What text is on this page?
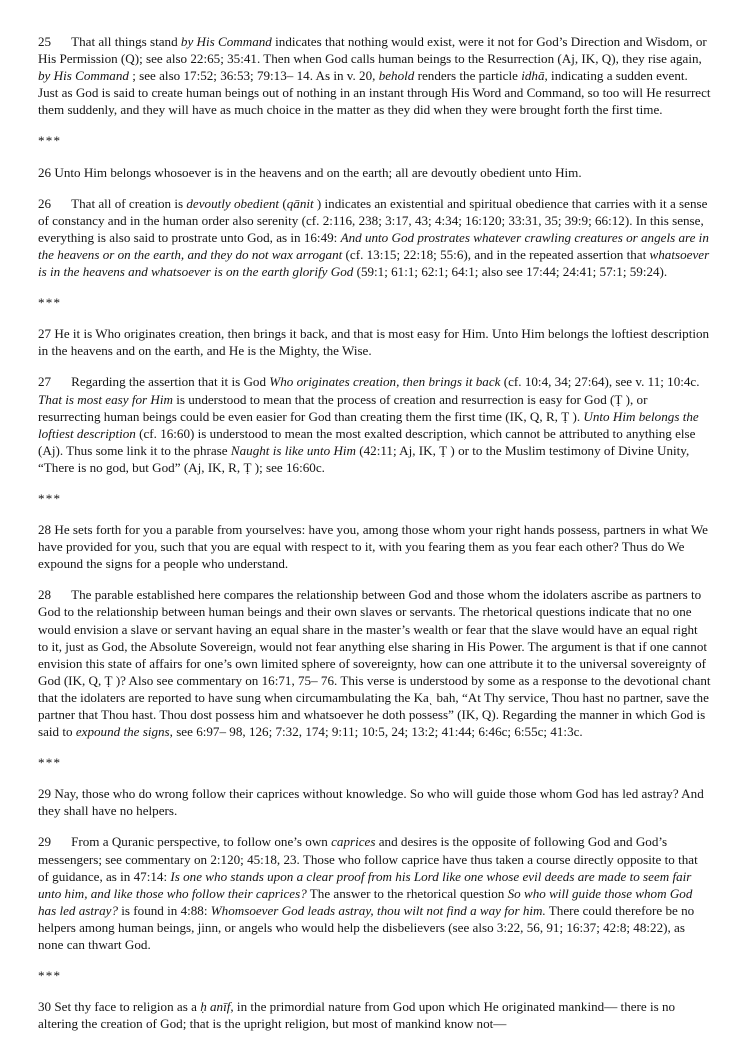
25 That all things stand by His Command indicates that nothing would exist, were it not for God’s Direction and Wisdom, or His Permission (Q); see also 22:65; 35:41. Then when God calls human beings to the Resurrection (Aj, IK, Q), they rise again, by His Command ; see also 17:52; 36:53; 79:13– 14. As in v. 20, behold renders the particle idhā, indicating a sudden event. Just as God is said to create human beings out of nothing in an instant through His Word and Command, so too will He resurrect them suddenly, and they will have as much choice in the matter as they did when they were brought forth the first time.

***

26 Unto Him belongs whosoever is in the heavens and on the earth; all are devoutly obedient unto Him.

26 That all of creation is devoutly obedient (qānit ) indicates an existential and spiritual obedience that carries with it a sense of constancy and in the human order also serenity (cf. 2:116, 238; 3:17, 43; 4:34; 16:120; 33:31, 35; 39:9; 66:12). In this sense, everything is also said to prostrate unto God, as in 16:49: And unto God prostrates whatever crawling creatures or angels are in the heavens or on the earth, and they do not wax arrogant (cf. 13:15; 22:18; 55:6), and in the repeated assertion that whatsoever is in the heavens and whatsoever is on the earth glorify God (59:1; 61:1; 62:1; 64:1; also see 17:44; 24:41; 57:1; 59:24).

***

27 He it is Who originates creation, then brings it back, and that is most easy for Him. Unto Him belongs the loftiest description in the heavens and on the earth, and He is the Mighty, the Wise.

27 Regarding the assertion that it is God Who originates creation, then brings it back (cf. 10:4, 34; 27:64), see v. 11; 10:4c. That is most easy for Him is understood to mean that the process of creation and resurrection is easy for God (Ṭ ), or resurrecting human beings could be even easier for God than creating them the first time (IK, Q, R, Ṭ ). Unto Him belongs the loftiest description (cf. 16:60) is understood to mean the most exalted description, which cannot be attributed to anything else (Aj). Thus some link it to the phrase Naught is like unto Him (42:11; Aj, IK, Ṭ ) or to the Muslim testimony of Divine Unity, “There is no god, but God” (Aj, IK, R, Ṭ ); see 16:60c.

***

28 He sets forth for you a parable from yourselves: have you, among those whom your right hands possess, partners in what We have provided for you, such that you are equal with respect to it, with you fearing them as you fear each other? Thus do We expound the signs for a people who understand.

28 The parable established here compares the relationship between God and those whom the idolaters ascribe as partners to God to the relationship between human beings and their own slaves or servants. The rhetorical questions indicate that no one would envision a slave or servant having an equal share in the master’s wealth or fear that the slave would have an equal right to it, just as God, the Absolute Sovereign, would not fear anything else sharing in His Power. The argument is that if one cannot envision this state of affairs for one’s own limited sphere of sovereignty, how can one attribute it to the universal sovereignty of God (IK, Q, Ṭ )? Also see commentary on 16:71, 75– 76. This verse is understood by some as a response to the devotional chant that the idolaters are reported to have sung when circumambulating the Kaι bah, “At Thy service, Thou hast no partner, save the partner that Thou hast. Thou dost possess him and whatsoever he doth possess” (IK, Q). Regarding the manner in which God is said to expound the signs, see 6:97– 98, 126; 7:32, 174; 9:11; 10:5, 24; 13:2; 41:44; 6:46c; 6:55c; 41:3c.

***

29 Nay, those who do wrong follow their caprices without knowledge. So who will guide those whom God has led astray? And they shall have no helpers.

29 From a Quranic perspective, to follow one’s own caprices and desires is the opposite of following God and God’s messengers; see commentary on 2:120; 45:18, 23. Those who follow caprice have thus taken a course directly opposite to that of guidance, as in 47:14: Is one who stands upon a clear proof from his Lord like one whose evil deeds are made to seem fair unto him, and like those who follow their caprices? The answer to the rhetorical question So who will guide those whom God has led astray? is found in 4:88: Whomsoever God leads astray, thou wilt not find a way for him. There could therefore be no helpers among human beings, jinn, or angels who would help the disbelievers (see also 3:22, 56, 91; 16:37; 42:8; 48:22), as none can thwart God.

***

30 Set thy face to religion as a ḥ anīf, in the primordial nature from God upon which He originated mankind— there is no altering the creation of God; that is the upright religion, but most of mankind know not—
